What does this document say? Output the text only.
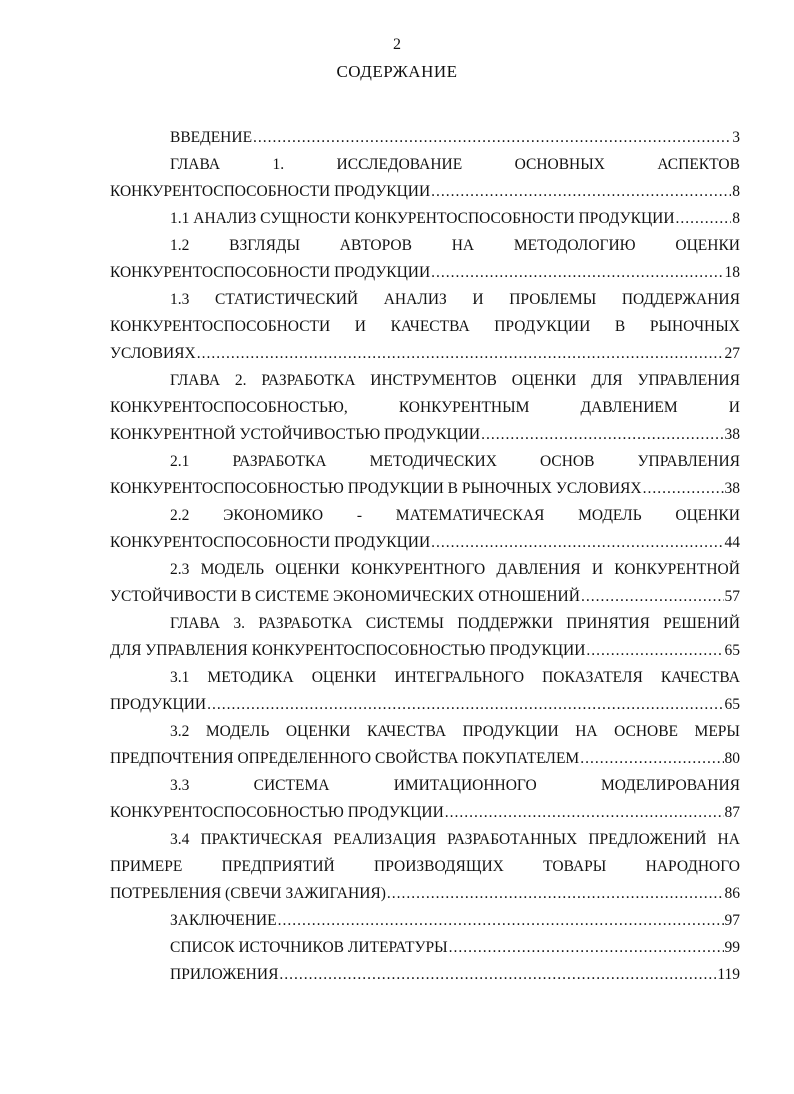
2
СОДЕРЖАНИЕ
ВВЕДЕНИЕ .....	3
ГЛАВА	1.	ИССЛЕДОВАНИЕ	ОСНОВНЫХ	АСПЕКТОВ
КОНКУРЕНТОСПОСОБНОСТИ ПРОДУКЦИИ .....	8
1.1 АНАЛИЗ СУЩНОСТИ КОНКУРЕНТОСПОСОБНОСТИ ПРОДУКЦИИ .....	8
1.2	ВЗГЛЯДЫ	АВТОРОВ	НА	МЕТОДОЛОГИЮ	ОЦЕНКИ
КОНКУРЕНТОСПОСОБНОСТИ ПРОДУКЦИИ .....	18
1.3 СТАТИСТИЧЕСКИЙ АНАЛИЗ И ПРОБЛЕМЫ ПОДДЕРЖАНИЯ
КОНКУРЕНТОСПОСОБНОСТИ И КАЧЕСТВА ПРОДУКЦИИ В РЫНОЧНЫХ
УСЛОВИЯХ .....	27
ГЛАВА 2. РАЗРАБОТКА ИНСТРУМЕНТОВ ОЦЕНКИ ДЛЯ УПРАВЛЕНИЯ
КОНКУРЕНТОСПОСОБНОСТЬЮ,	КОНКУРЕНТНЫМ	ДАВЛЕНИЕМ	И
КОНКУРЕНТНОЙ УСТОЙЧИВОСТЬЮ ПРОДУКЦИИ .....	38
2.1	РАЗРАБОТКА	МЕТОДИЧЕСКИХ	ОСНОВ	УПРАВЛЕНИЯ
КОНКУРЕНТОСПОСОБНОСТЬЮ ПРОДУКЦИИ В РЫНОЧНЫХ УСЛОВИЯХ .....	38
2.2 ЭКОНОМИКО - МАТЕМАТИЧЕСКАЯ МОДЕЛЬ ОЦЕНКИ
КОНКУРЕНТОСПОСОБНОСТИ ПРОДУКЦИИ .....	44
2.3 МОДЕЛЬ ОЦЕНКИ КОНКУРЕНТНОГО ДАВЛЕНИЯ И КОНКУРЕНТНОЙ
УСТОЙЧИВОСТИ В СИСТЕМЕ ЭКОНОМИЧЕСКИХ ОТНОШЕНИЙ .....	57
ГЛАВА 3. РАЗРАБОТКА СИСТЕМЫ ПОДДЕРЖКИ ПРИНЯТИЯ РЕШЕНИЙ
ДЛЯ УПРАВЛЕНИЯ КОНКУРЕНТОСПОСОБНОСТЬЮ ПРОДУКЦИИ .....	65
3.1 МЕТОДИКА ОЦЕНКИ ИНТЕГРАЛЬНОГО ПОКАЗАТЕЛЯ КАЧЕСТВА
ПРОДУКЦИИ .....	65
3.2 МОДЕЛЬ ОЦЕНКИ КАЧЕСТВА ПРОДУКЦИИ НА ОСНОВЕ МЕРЫ
ПРЕДПОЧТЕНИЯ ОПРЕДЕЛЕННОГО СВОЙСТВА ПОКУПАТЕЛЕМ .....	80
3.3	СИСТЕМА	ИМИТАЦИОННОГО	МОДЕЛИРОВАНИЯ
КОНКУРЕНТОСПОСОБНОСТЬЮ ПРОДУКЦИИ .....	87
3.4 ПРАКТИЧЕСКАЯ РЕАЛИЗАЦИЯ РАЗРАБОТАННЫХ ПРЕДЛОЖЕНИЙ НА
ПРИМЕРЕ	ПРЕДПРИЯТИЙ	ПРОИЗВОДЯЩИХ	ТОВАРЫ	НАРОДНОГО
ПОТРЕБЛЕНИЯ (СВЕЧИ ЗАЖИГАНИЯ) .....	86
ЗАКЛЮЧЕНИЕ .....	97
СПИСОК ИСТОЧНИКОВ ЛИТЕРАТУРЫ .....	99
ПРИЛОЖЕНИЯ .....	119
